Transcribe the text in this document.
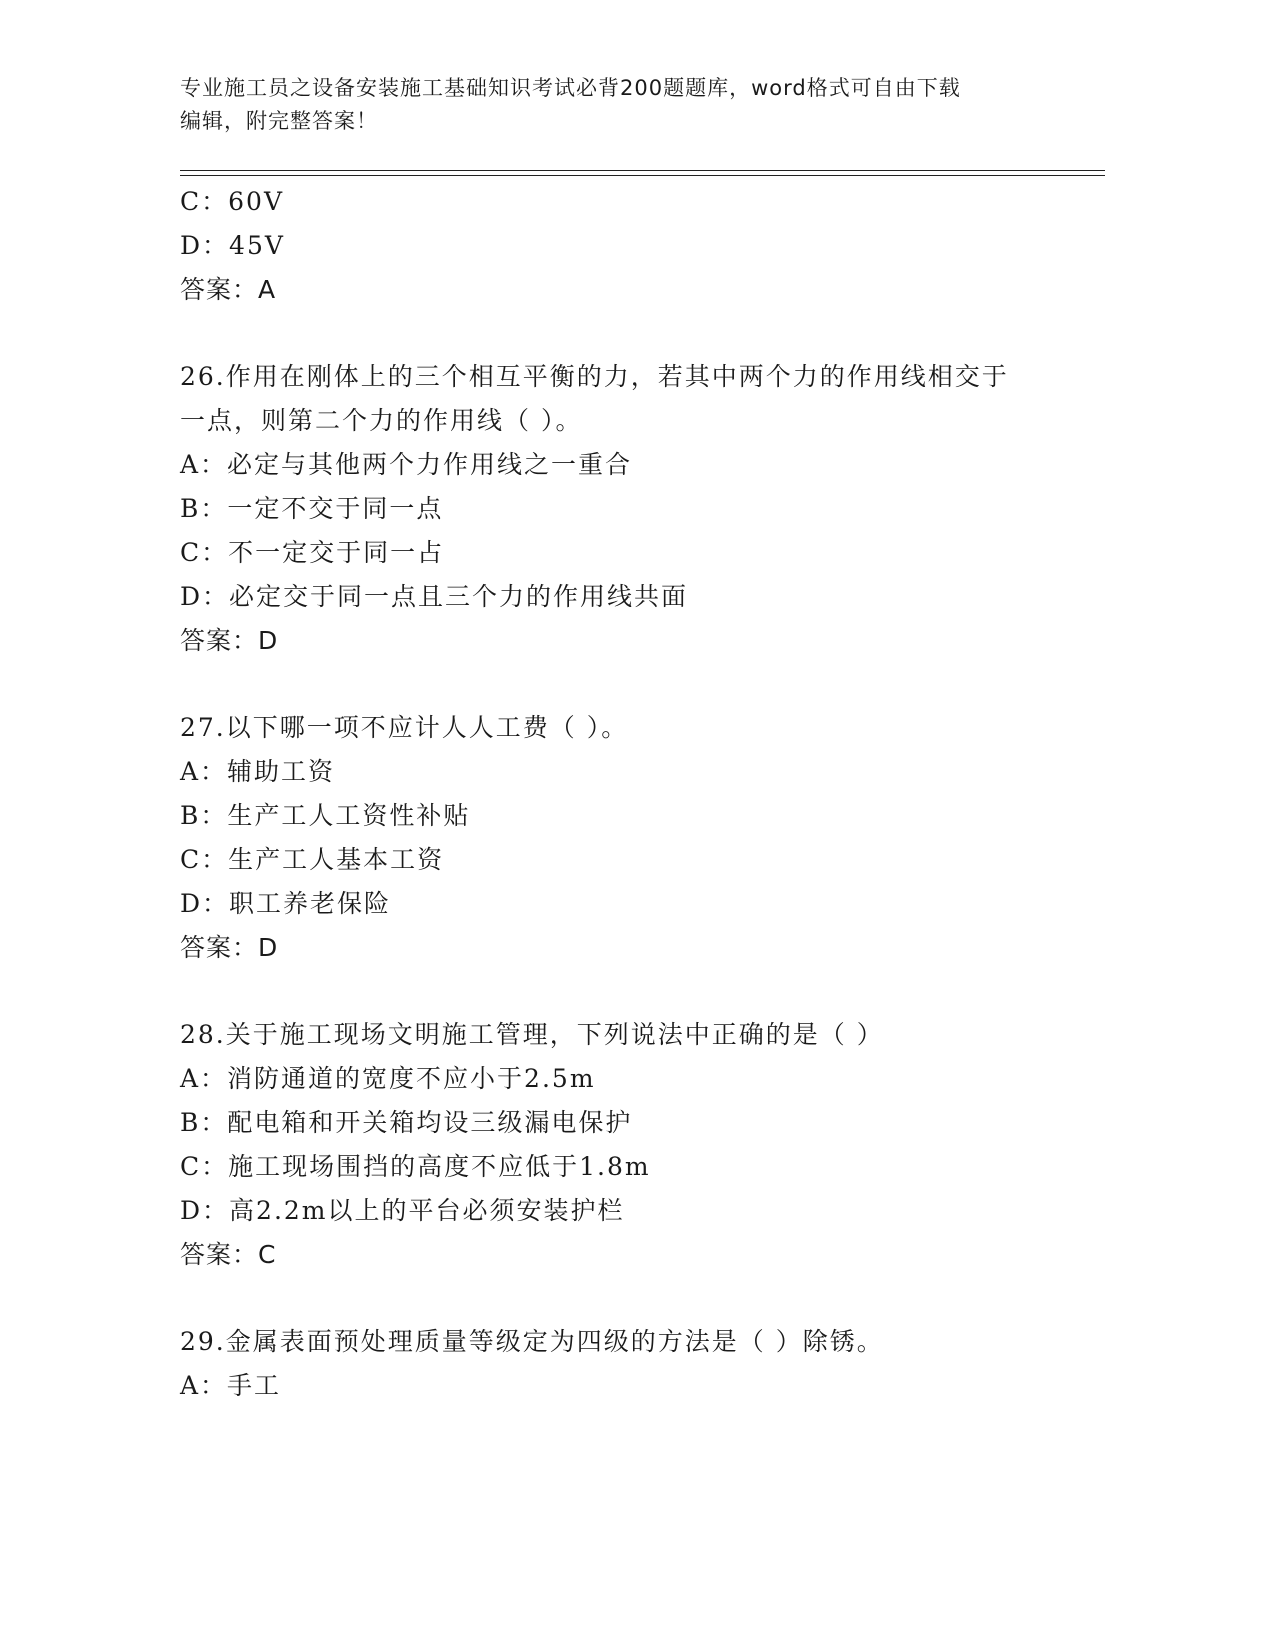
专业施工员之设备安装施工基础知识考试必背200题题库，word格式可自由下载
编辑，附完整答案！
C：60V
D：45V
答案：A
26.作用在刚体上的三个相互平衡的力，若其中两个力的作用线相交于
一点，则第二个力的作用线（ ）。
A：必定与其他两个力作用线之一重合
B：一定不交于同一点
C：不一定交于同一占
D：必定交于同一点且三个力的作用线共面
答案：D
27.以下哪一项不应计人人工费（ ）。
A：辅助工资
B：生产工人工资性补贴
C：生产工人基本工资
D：职工养老保险
答案：D
28.关于施工现场文明施工管理，下列说法中正确的是（ ）
A：消防通道的宽度不应小于2.5m
B：配电箱和开关箱均设三级漏电保护
C：施工现场围挡的高度不应低于1.8m
D：高2.2m以上的平台必须安装护栏
答案：C
29.金属表面预处理质量等级定为四级的方法是（ ）除锈。
A：手工
